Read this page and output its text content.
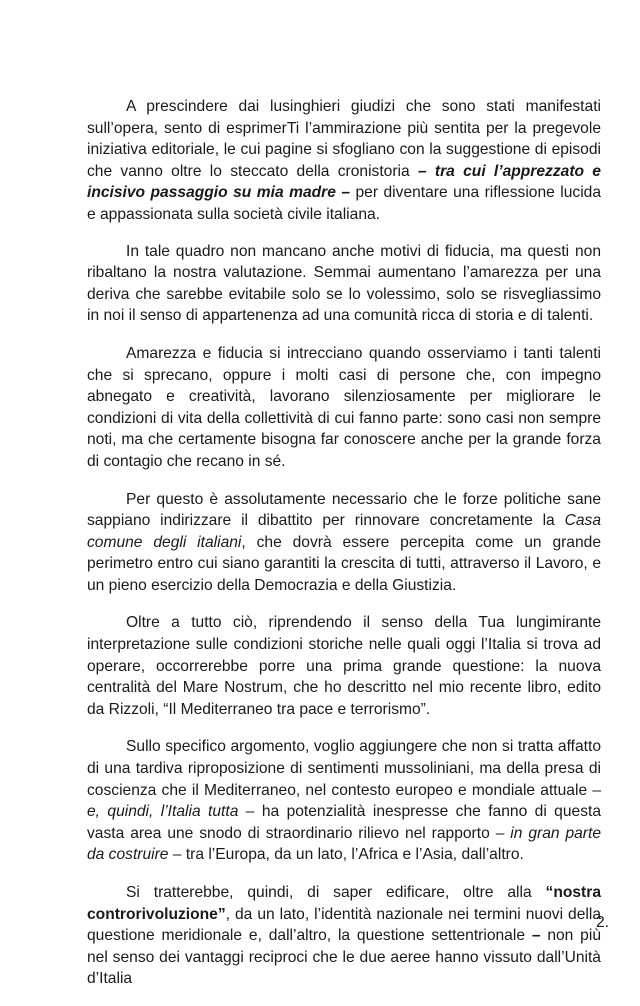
A prescindere dai lusinghieri giudizi che sono stati manifestati sull’opera, sento di esprimerTi l’ammirazione più sentita per la pregevole iniziativa editoriale, le cui pagine si sfogliano con la suggestione di episodi che vanno oltre lo steccato della cronistoria – tra cui l’apprezzato e incisivo passaggio su mia madre – per diventare una riflessione lucida e appassionata sulla società civile italiana.

In tale quadro non mancano anche motivi di fiducia, ma questi non ribaltano la nostra valutazione. Semmai aumentano l’amarezza per una deriva che sarebbe evitabile solo se lo volessimo, solo se risvegliassimo in noi il senso di appartenenza ad una comunità ricca di storia e di talenti.

Amarezza e fiducia si intrecciano quando osserviamo i tanti talenti che si sprecano, oppure i molti casi di persone che, con impegno abnegato e creatività, lavorano silenziosamente per migliorare le condizioni di vita della collettività di cui fanno parte: sono casi non sempre noti, ma che certamente bisogna far conoscere anche per la grande forza di contagio che recano in sé.

Per questo è assolutamente necessario che le forze politiche sane sappiano indirizzare il dibattito per rinnovare concretamente la Casa comune degli italiani, che dovrà essere percepita come un grande perimetro entro cui siano garantiti la crescita di tutti, attraverso il Lavoro, e un pieno esercizio della Democrazia e della Giustizia.

Oltre a tutto ciò, riprendendo il senso della Tua lungimirante interpretazione sulle condizioni storiche nelle quali oggi l’Italia si trova ad operare, occorrerebbe porre una prima grande questione: la nuova centralità del Mare Nostrum, che ho descritto nel mio recente libro, edito da Rizzoli, “Il Mediterraneo tra pace e terrorismo”.

Sullo specifico argomento, voglio aggiungere che non si tratta affatto di una tardiva riproposizione di sentimenti mussoliniani, ma della presa di coscienza che il Mediterraneo, nel contesto europeo e mondiale attuale – e, quindi, l’Italia tutta – ha potenzialità inespresse che fanno di questa vasta area une snodo di straordinario rilievo nel rapporto – in gran parte da costruire – tra l’Europa, da un lato, l’Africa e l’Asia, dall’altro.

Si tratterebbe, quindi, di saper edificare, oltre alla “nostra controrivoluzione”, da un lato, l’identità nazionale nei termini nuovi della questione meridionale e, dall’altro, la questione settentrionale – non più nel senso dei vantaggi reciproci che le due aeree hanno vissuto dall’Unità d’Italia

2.
